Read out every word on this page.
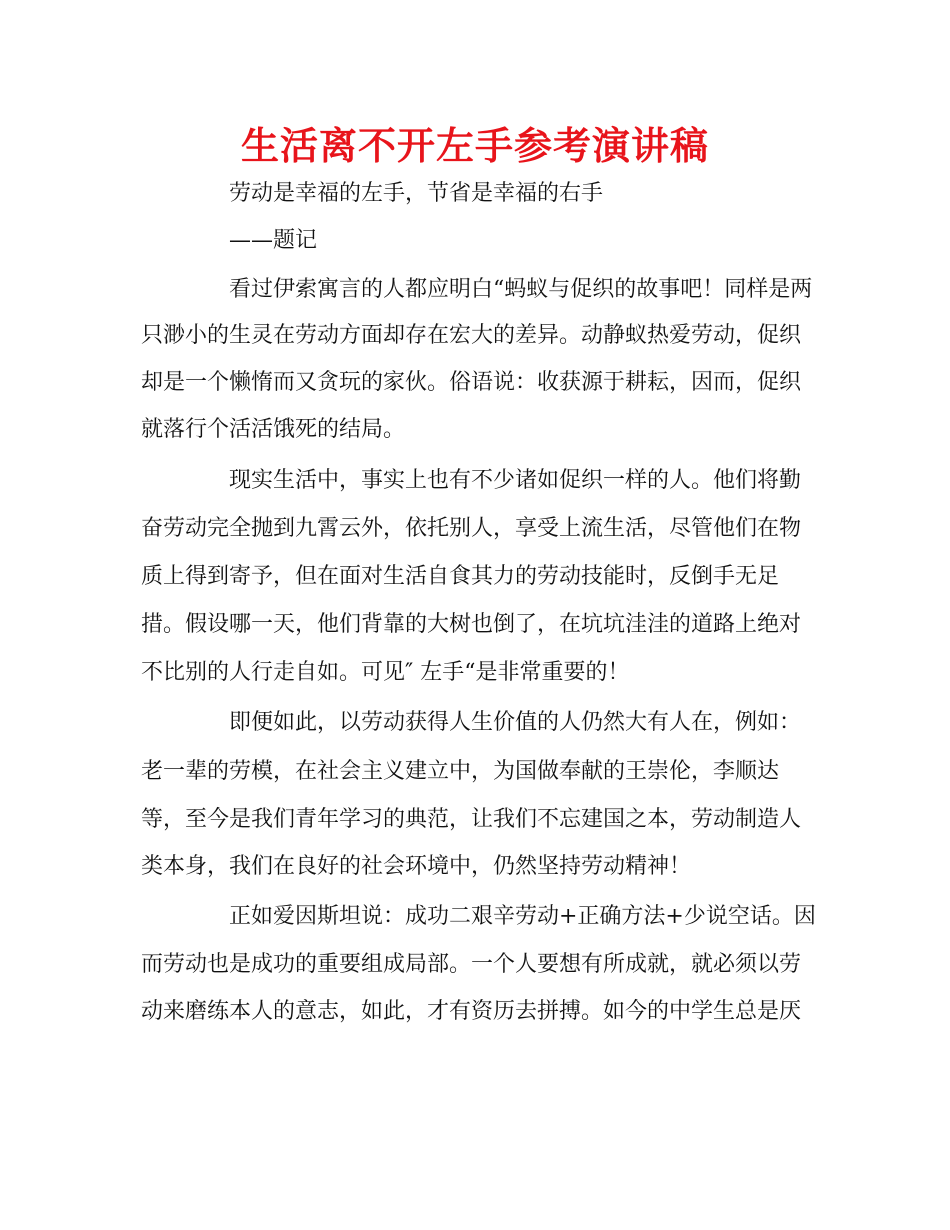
生活离不开左手参考演讲稿

劳动是幸福的左手，节省是幸福的右手

——题记

看过伊索寓言的人都应明白“蚂蚁与促织的故事吧！同样是两

只渺小的生灵在劳动方面却存在宏大的差异。动静蚁热爱劳动，促织

却是一个懒惰而又贪玩的家伙。俗语说：收获源于耕耘，因而，促织

就落行个活活饿死的结局。

现实生活中，事实上也有不少诸如促织一样的人。他们将勤

奋劳动完全抛到九霄云外，依托别人，享受上流生活，尽管他们在物

质上得到寄予，但在面对生活自食其力的劳动技能时，反倒手无足

措。假设哪一天，他们背靠的大树也倒了，在坑坑洼洼的道路上绝对

不比别的人行走自如。可见″ 左手“是非常重要的！

即便如此，以劳动获得人生价值的人仍然大有人在，例如：

老一辈的劳模，在社会主义建立中，为国做奉献的王崇伦，李顺达

等，至今是我们青年学习的典范，让我们不忘建国之本，劳动制造人

类本身，我们在良好的社会环境中，仍然坚持劳动精神！

正如爱因斯坦说：成功二艰辛劳动+正确方法+少说空话。因

而劳动也是成功的重要组成局部。一个人要想有所成就，就必须以劳

动来磨练本人的意志，如此，才有资历去拼搏。如今的中学生总是厌
